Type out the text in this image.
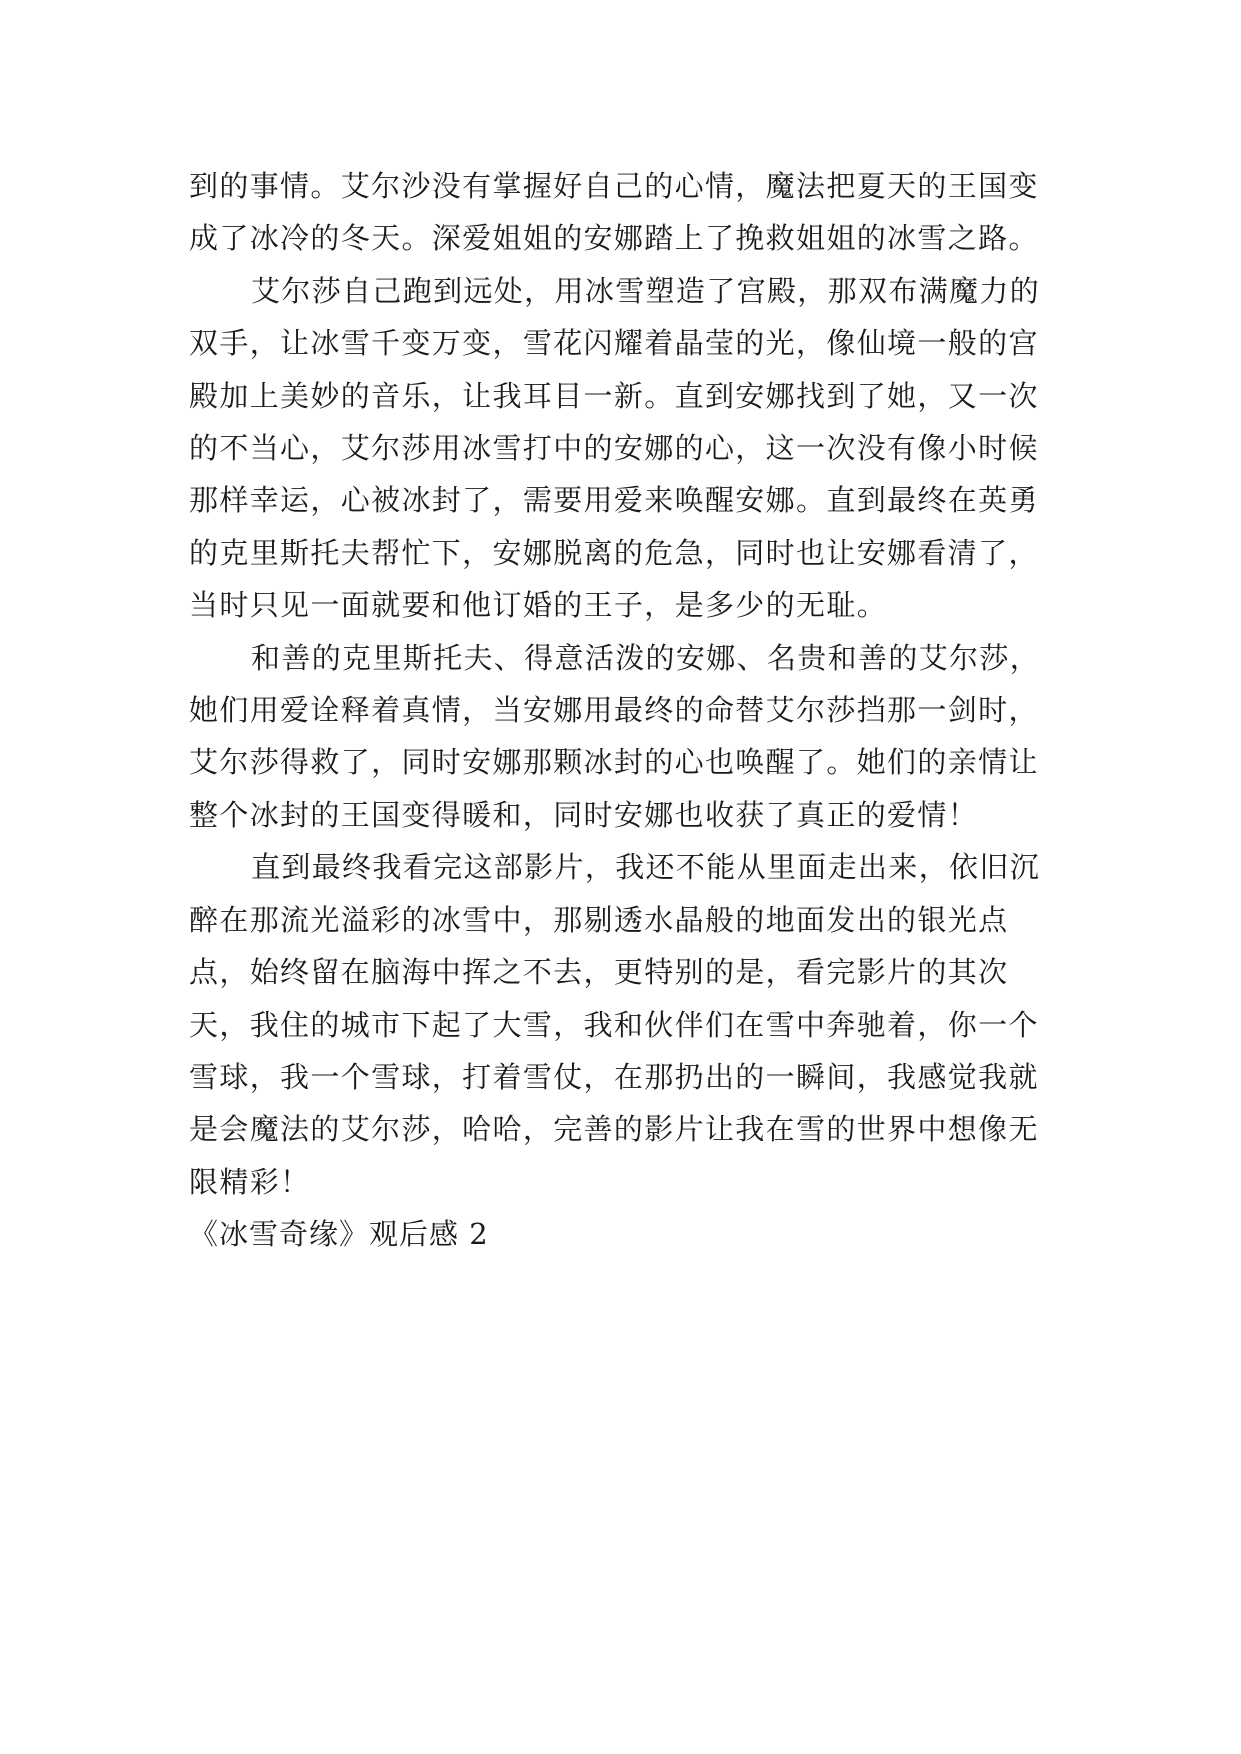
到的事情。艾尔沙没有掌握好自己的心情，魔法把夏天的王国变成了冰冷的冬天。深爱姐姐的安娜踏上了挽救姐姐的冰雪之路。

艾尔莎自己跑到远处，用冰雪塑造了宫殿，那双布满魔力的双手，让冰雪千变万变，雪花闪耀着晶莹的光，像仙境一般的宫殿加上美妙的音乐，让我耳目一新。直到安娜找到了她，又一次的不当心，艾尔莎用冰雪打中的安娜的心，这一次没有像小时候那样幸运，心被冰封了，需要用爱来唤醒安娜。直到最终在英勇的克里斯托夫帮忙下，安娜脱离的危急，同时也让安娜看清了，当时只见一面就要和他订婚的王子，是多少的无耻。

和善的克里斯托夫、得意活泼的安娜、名贵和善的艾尔莎，她们用爱诠释着真情，当安娜用最终的命替艾尔莎挡那一剑时，艾尔莎得救了，同时安娜那颗冰封的心也唤醒了。她们的亲情让整个冰封的王国变得暖和，同时安娜也收获了真正的爱情！

直到最终我看完这部影片，我还不能从里面走出来，依旧沉醉在那流光溢彩的冰雪中，那剔透水晶般的地面发出的银光点点，始终留在脑海中挥之不去，更特别的是，看完影片的其次天，我住的城市下起了大雪，我和伙伴们在雪中奔驰着，你一个雪球，我一个雪球，打着雪仗，在那扔出的一瞬间，我感觉我就是会魔法的艾尔莎，哈哈，完善的影片让我在雪的世界中想像无限精彩！

《冰雪奇缘》观后感 2
